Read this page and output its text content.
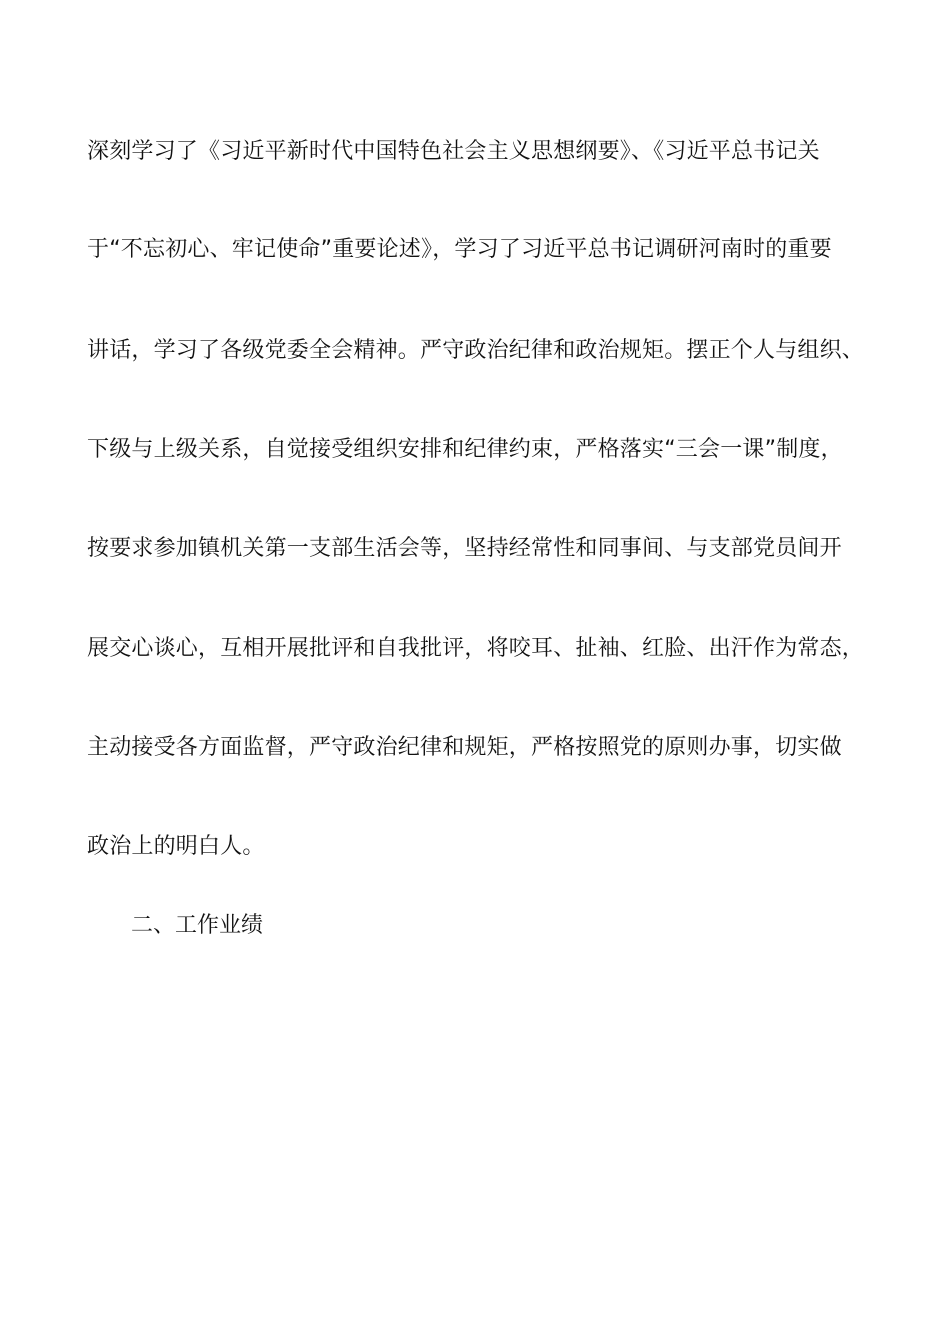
深刻学习了《习近平新时代中国特色社会主义思想纲要》、《习近平总书记关
于“不忘初心、牢记使命”重要论述》，学习了习近平总书记调研河南时的重要
讲话，学习了各级党委全会精神。严守政治纪律和政治规矩。摆正个人与组织、
下级与上级关系，自觉接受组织安排和纪律约束，严格落实“三会一课”制度，
按要求参加镇机关第一支部生活会等，坚持经常性和同事间、与支部党员间开
展交心谈心，互相开展批评和自我批评，将咬耳、扯袖、红脸、出汗作为常态，
主动接受各方面监督，严守政治纪律和规矩，严格按照党的原则办事，切实做
政治上的明白人。
二、工作业绩
